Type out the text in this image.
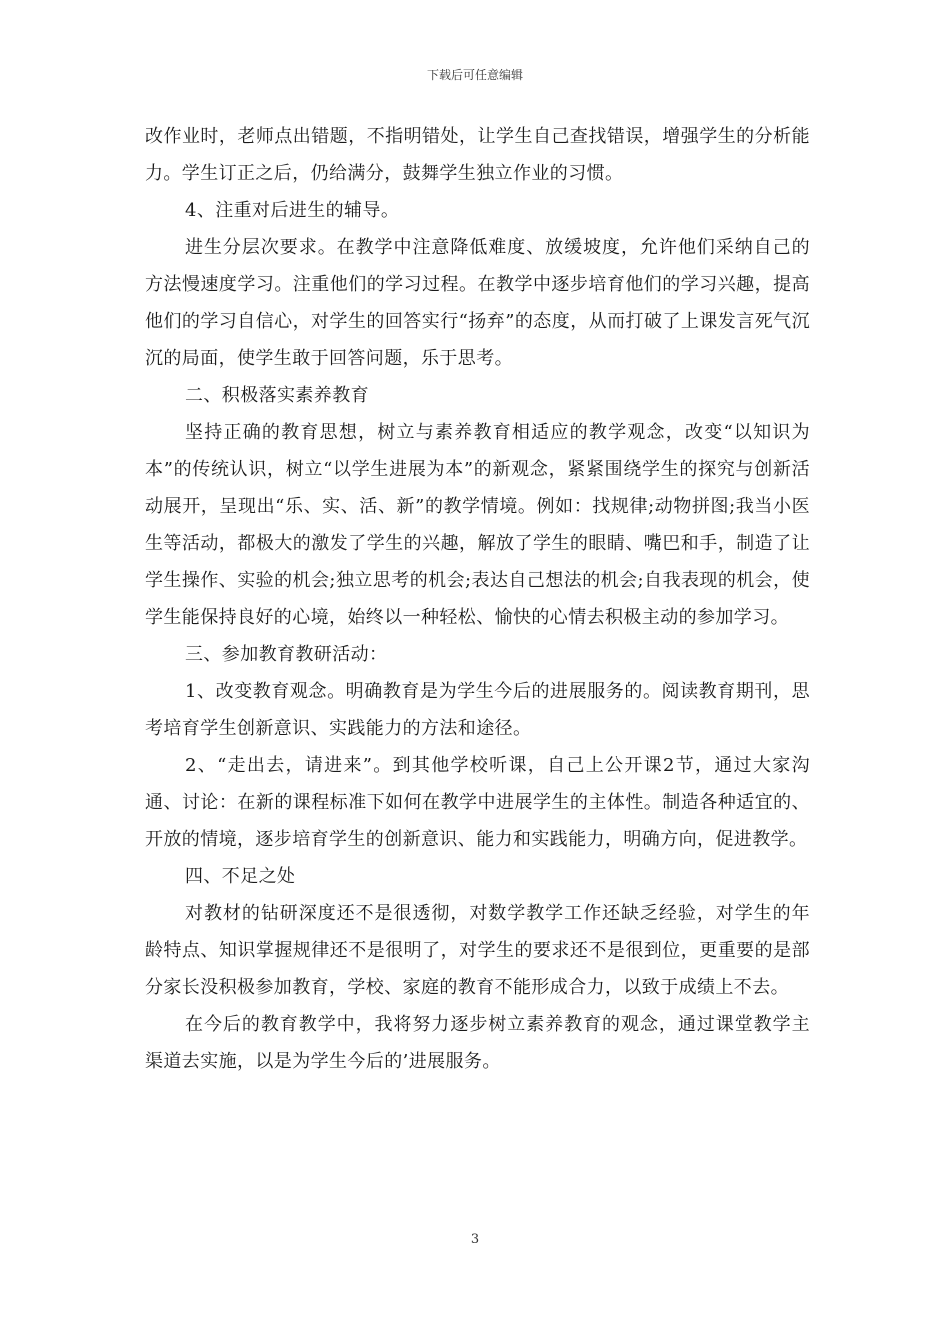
下载后可任意编辑

改作业时，老师点出错题，不指明错处，让学生自己查找错误，增强学生的分析能力。学生订正之后，仍给满分，鼓舞学生独立作业的习惯。

4、注重对后进生的辅导。

进生分层次要求。在教学中注意降低难度、放缓坡度，允许他们采纳自己的方法慢速度学习。注重他们的学习过程。在教学中逐步培育他们的学习兴趣，提高他们的学习自信心，对学生的回答实行“扬弃”的态度，从而打破了上课发言死气沉沉的局面，使学生敢于回答问题，乐于思考。

二、积极落实素养教育

坚持正确的教育思想，树立与素养教育相适应的教学观念，改变“以知识为本”的传统认识，树立“以学生进展为本”的新观念，紧紧围绕学生的探究与创新活动展开，呈现出“乐、实、活、新”的教学情境。例如：找规律;动物拼图;我当小医生等活动，都极大的激发了学生的兴趣，解放了学生的眼睛、嘴巴和手，制造了让学生操作、实验的机会;独立思考的机会;表达自己想法的机会;自我表现的机会，使学生能保持良好的心境，始终以一种轻松、愉快的心情去积极主动的参加学习。

三、参加教育教研活动：

1、改变教育观念。明确教育是为学生今后的进展服务的。阅读教育期刊，思考培育学生创新意识、实践能力的方法和途径。

2、“走出去，请进来”。到其他学校听课，自己上公开课2节，通过大家沟通、讨论：在新的课程标准下如何在教学中进展学生的主体性。制造各种适宜的、开放的情境，逐步培育学生的创新意识、能力和实践能力，明确方向，促进教学。

四、不足之处

对教材的钻研深度还不是很透彻，对数学教学工作还缺乏经验，对学生的年龄特点、知识掌握规律还不是很明了，对学生的要求还不是很到位，更重要的是部分家长没积极参加教育，学校、家庭的教育不能形成合力，以致于成绩上不去。

在今后的教育教学中，我将努力逐步树立素养教育的观念，通过课堂教学主渠道去实施，以是为学生今后的’进展服务。

3
